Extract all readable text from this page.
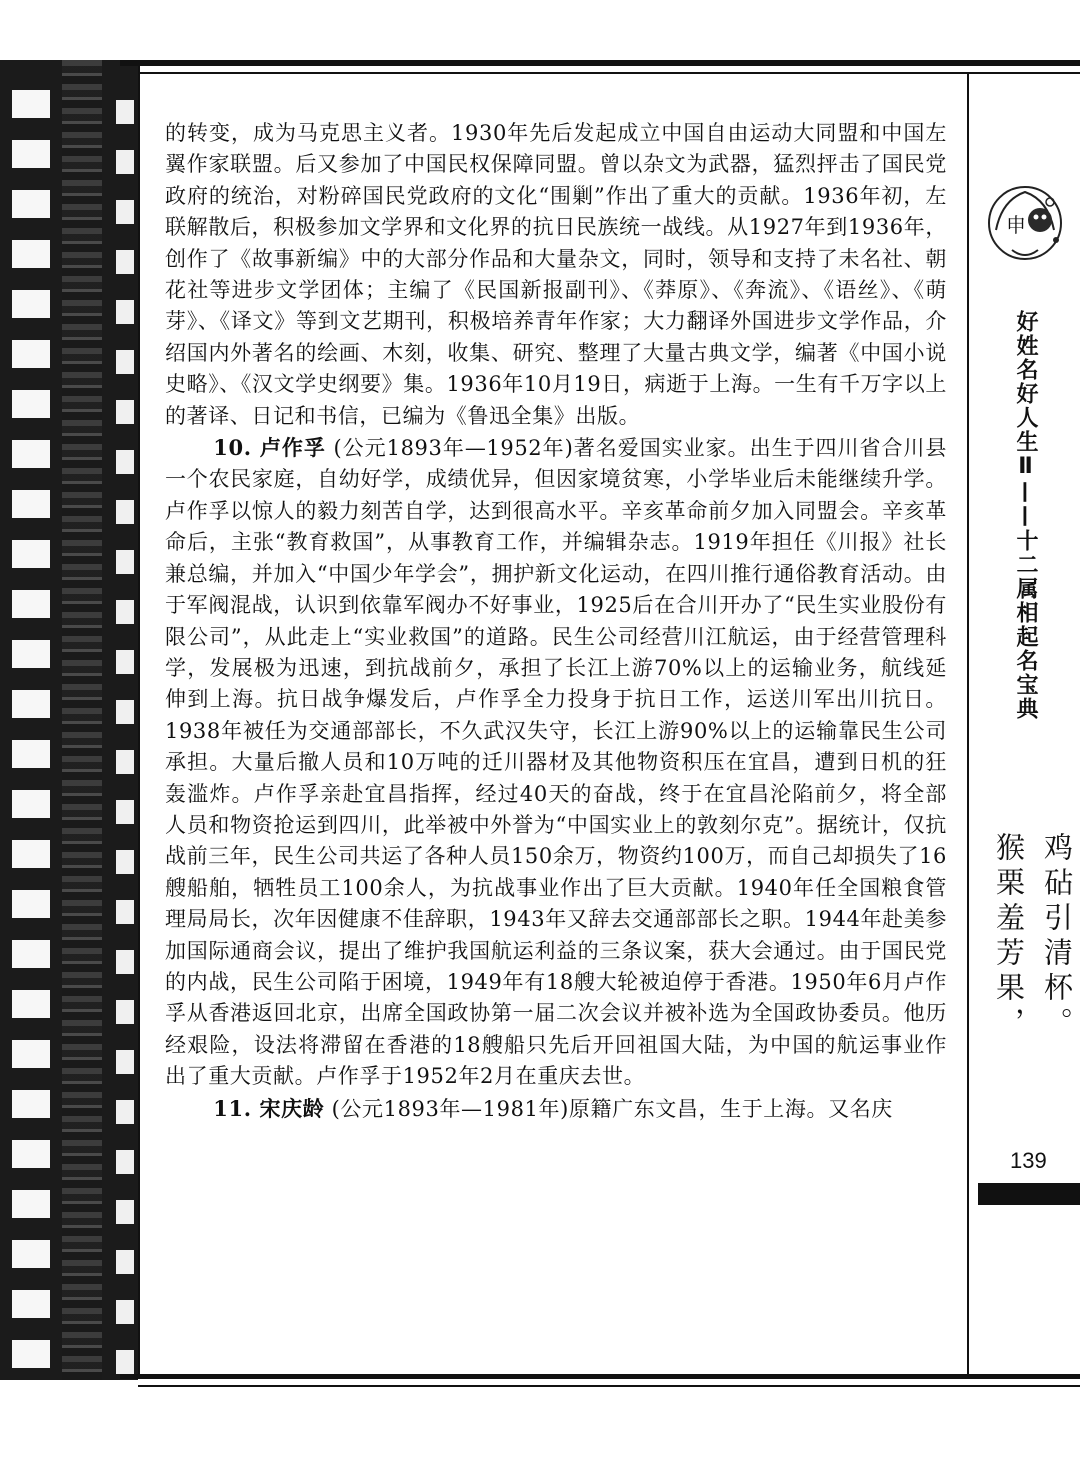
的转变，成为马克思主义者。1930年先后发起成立中国自由运动大同盟和中国左翼作家联盟。后又参加了中国民权保障同盟。曾以杂文为武器，猛烈抨击了国民党政府的统治，对粉碎国民党政府的文化“围剿”作出了重大的贡献。1936年初，左联解散后，积极参加文学界和文化界的抗日民族统一战线。从1927年到1936年，创作了《故事新编》中的大部分作品和大量杂文，同时，领导和支持了未名社、朝花社等进步文学团体；主编了《民国新报副刊》、《莽原》、《奔流》、《语丝》、《萌芽》、《译文》等到文艺期刊，积极培养青年作家；大力翻译外国进步文学作品，介绍国内外著名的绘画、木刻，收集、研究、整理了大量古典文学，编著《中国小说史略》、《汉文学史纲要》集。1936年10月19日，病逝于上海。一生有千万字以上的著译、日记和书信，已编为《鲁迅全集》出版。

10. 卢作孚 (公元1893年—1952年)著名爱国实业家。出生于四川省合川县一个农民家庭，自幼好学，成绩优异，但因家境贫寒，小学毕业后未能继续升学。卢作孚以惊人的毅力刻苦自学，达到很高水平。辛亥革命前夕加入同盟会。辛亥革命后，主张“教育救国”，从事教育工作，并编辑杂志。1919年担任《川报》社长兼总编，并加入“中国少年学会”，拥护新文化运动，在四川推行通俗教育活动。由于军阀混战，认识到依靠军阀办不好事业，1925后在合川开办了“民生实业股份有限公司”，从此走上“实业救国”的道路。民生公司经营川江航运，由于经营管理科学，发展极为迅速，到抗战前夕，承担了长江上游70%以上的运输业务，航线延伸到上海。抗日战争爆发后，卢作孚全力投身于抗日工作，运送川军出川抗日。1938年被任为交通部部长，不久武汉失守，长江上游90%以上的运输靠民生公司承担。大量后撤人员和10万吨的迁川器材及其他物资积压在宜昌，遭到日机的狂轰滥炸。卢作孚亲赴宜昌指挥，经过40天的奋战，终于在宜昌沦陷前夕，将全部人员和物资抢运到四川，此举被中外誉为“中国实业上的敦刻尔克”。据统计，仅抗战前三年，民生公司共运了各种人员150余万，物资约100万，而自己却损失了16艘船舶，牺牲员工100余人，为抗战事业作出了巨大贡献。1940年任全国粮食管理局局长，次年因健康不佳辞职，1943年又辞去交通部部长之职。1944年赴美参加国际通商会议，提出了维护我国航运利益的三条议案，获大会通过。由于国民党的内战，民生公司陷于困境，1949年有18艘大轮被迫停于香港。1950年6月卢作孚从香港返回北京，出席全国政协第一届二次会议并被补选为全国政协委员。他历经艰险，设法将滞留在香港的18艘船只先后开回祖国大陆，为中国的航运事业作出了重大贡献。卢作孚于1952年2月在重庆去世。

11. 宋庆龄 (公元1893年—1981年)原籍广东文昌，生于上海。又名庆

申
好姓名好人生Ⅱ——十二属相起名宝典
鸡砧引清杯。
猴栗羞芳果，
139
